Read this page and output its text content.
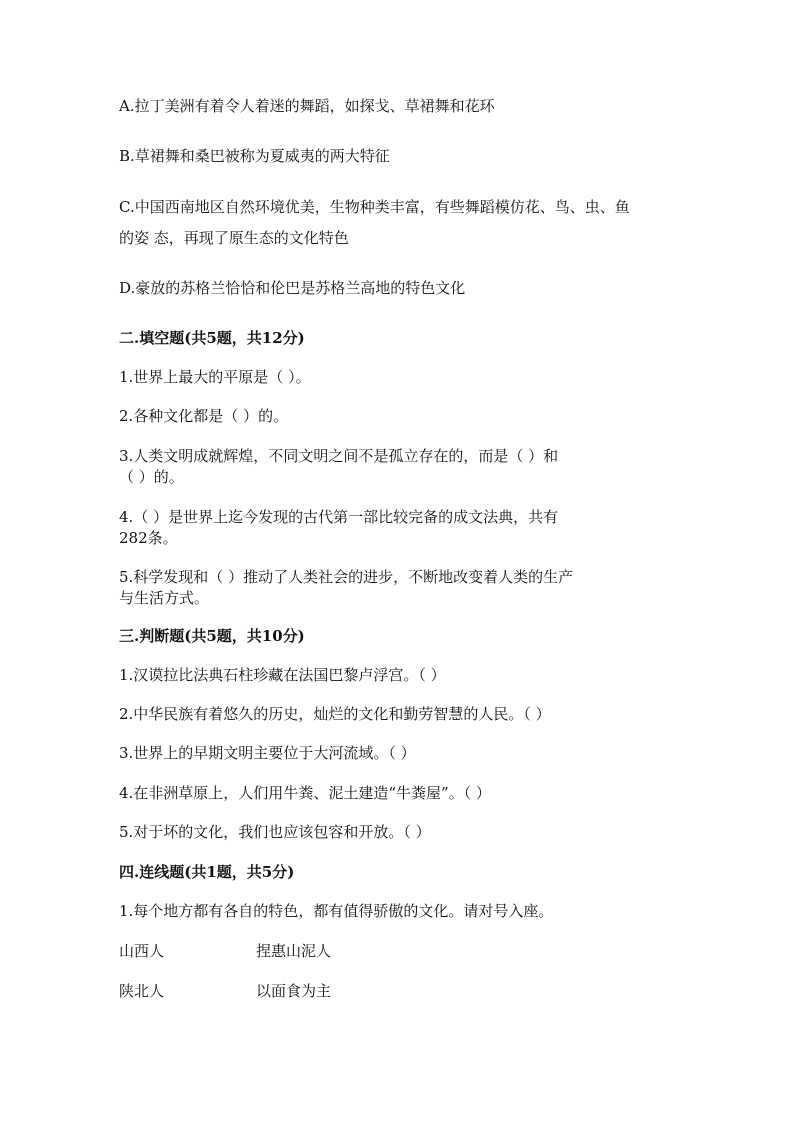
A.拉丁美洲有着令人着迷的舞蹈，如探戈、草裙舞和花环
B.草裙舞和桑巴被称为夏威夷的两大特征
C.中国西南地区自然环境优美，生物种类丰富，有些舞蹈模仿花、鸟、虫、鱼
的姿 态，再现了原生态的文化特色
D.豪放的苏格兰恰恰和伦巴是苏格兰高地的特色文化
二.填空题(共5题，共12分)
1.世界上最大的平原是（ ）。
2.各种文化都是（ ）的。
3.人类文明成就辉煌，不同文明之间不是孤立存在的，而是（ ）和
（ ）的。
4.（ ）是世界上迄今发现的古代第一部比较完备的成文法典，共有
282条。
5.科学发现和（ ）推动了人类社会的进步，不断地改变着人类的生产
与生活方式。
三.判断题(共5题，共10分)
1.汉谟拉比法典石柱珍藏在法国巴黎卢浮宫。（ ）
2.中华民族有着悠久的历史，灿烂的文化和勤劳智慧的人民。（ ）
3.世界上的早期文明主要位于大河流域。（ ）
4.在非洲草原上，人们用牛粪、泥土建造“牛粪屋”。（ ）
5.对于坏的文化，我们也应该包容和开放。（ ）
四.连线题(共1题，共5分)
1.每个地方都有各自的特色，都有值得骄傲的文化。请对号入座。
山西人	捏惠山泥人
陕北人	以面食为主
